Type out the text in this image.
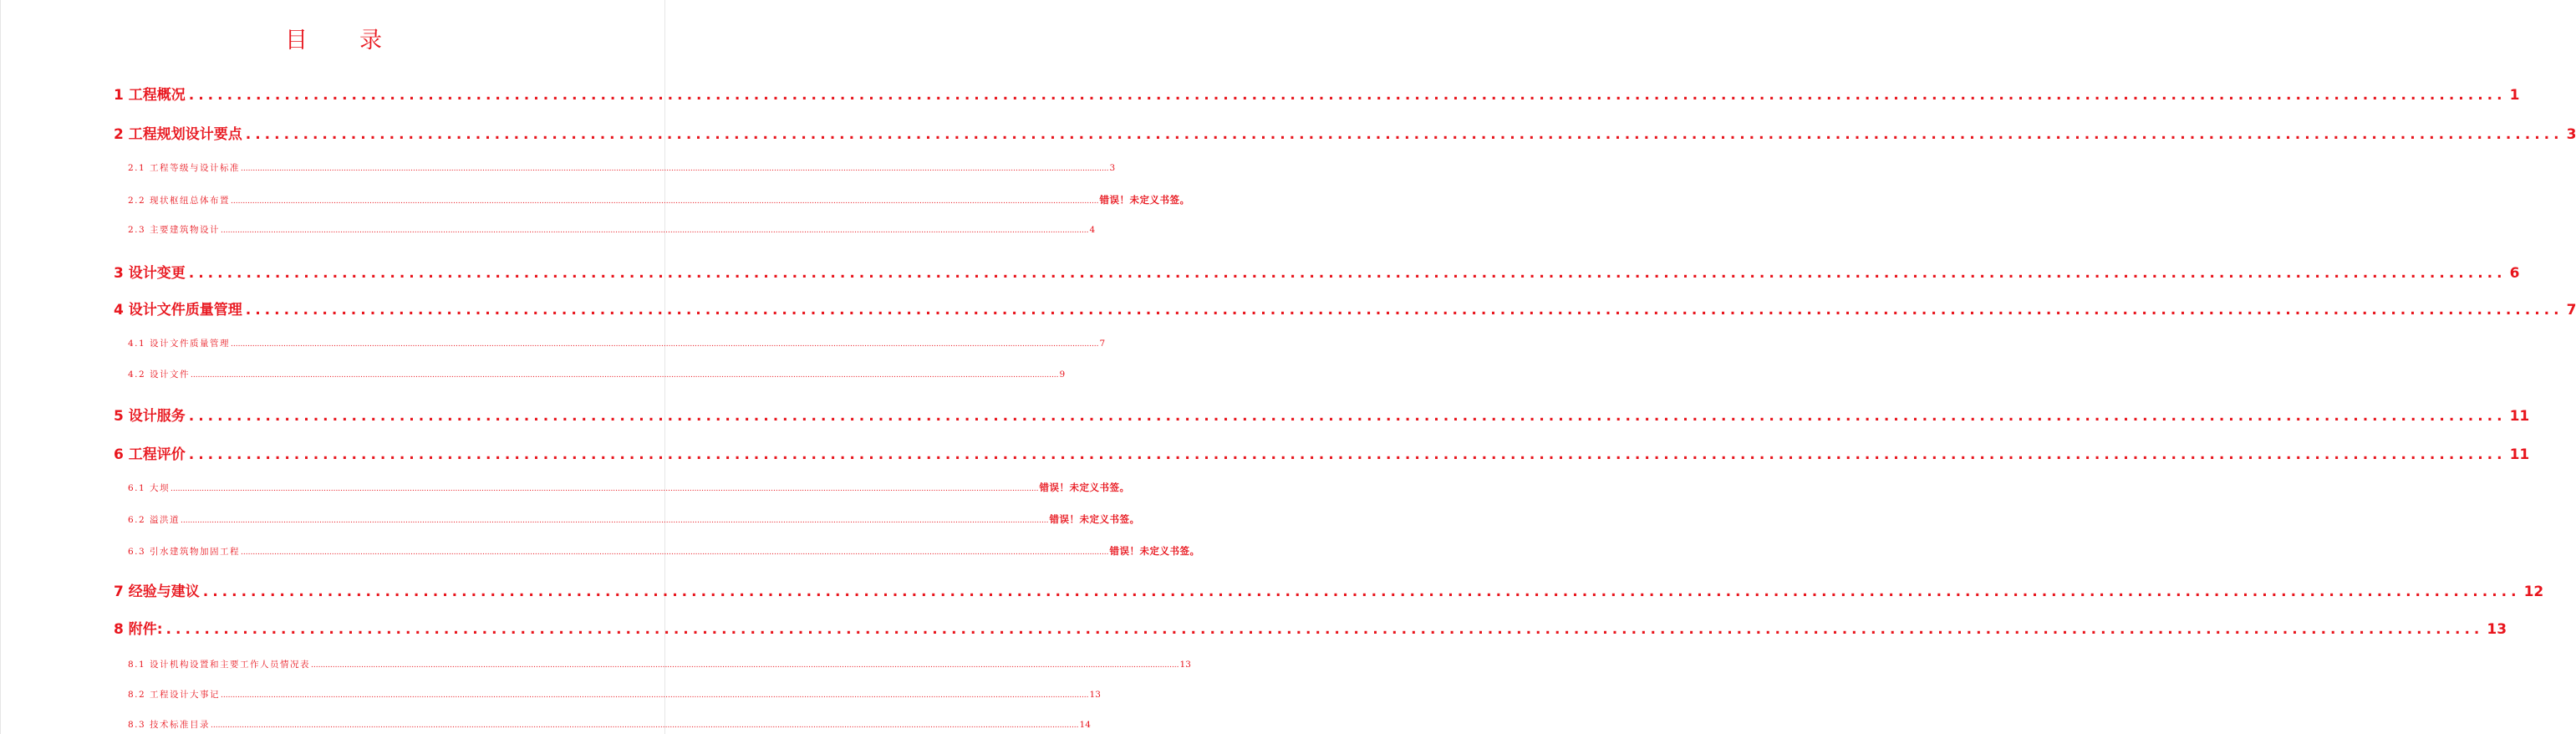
目 录
1 工程概况 .................................................................................................................................................................................................................................................. 1
2 工程规划设计要点 .................................................................................................................................................................................................................................................. 3
2.1 工程等级与设计标准 ........................................................................................................................................................................................................................................................................................................................................................................... 3
2.2 现状枢纽总体布置 ........................................................................................................................................................................................................................................................................................................................................................................... 错误！未定义书签。
2.3 主要建筑物设计 ........................................................................................................................................................................................................................................................................................................................................................................... 4
3 设计变更 .................................................................................................................................................................................................................................................. 6
4 设计文件质量管理 .................................................................................................................................................................................................................................................. 7
4.1 设计文件质量管理 ........................................................................................................................................................................................................................................................................................................................................................................... 7
4.2 设计文件 ........................................................................................................................................................................................................................................................................................................................................................................... 9
5 设计服务 .................................................................................................................................................................................................................................................. 11
6 工程评价 .................................................................................................................................................................................................................................................. 11
6.1 大坝 ........................................................................................................................................................................................................................................................................................................................................................................... 错误！未定义书签。
6.2 溢洪道 ........................................................................................................................................................................................................................................................................................................................................................................... 错误！未定义书签。
6.3 引水建筑物加固工程 ........................................................................................................................................................................................................................................................................................................................................................................... 错误！未定义书签。
7 经验与建议 .................................................................................................................................................................................................................................................. 12
8 附件: .................................................................................................................................................................................................................................................. 13
8.1 设计机构设置和主要工作人员情况表 ........................................................................................................................................................................................................................................................................................................................................................................... 13
8.2 工程设计大事记 ........................................................................................................................................................................................................................................................................................................................................................................... 13
8.3 技术标准目录 ........................................................................................................................................................................................................................................................................................................................................................................... 14
